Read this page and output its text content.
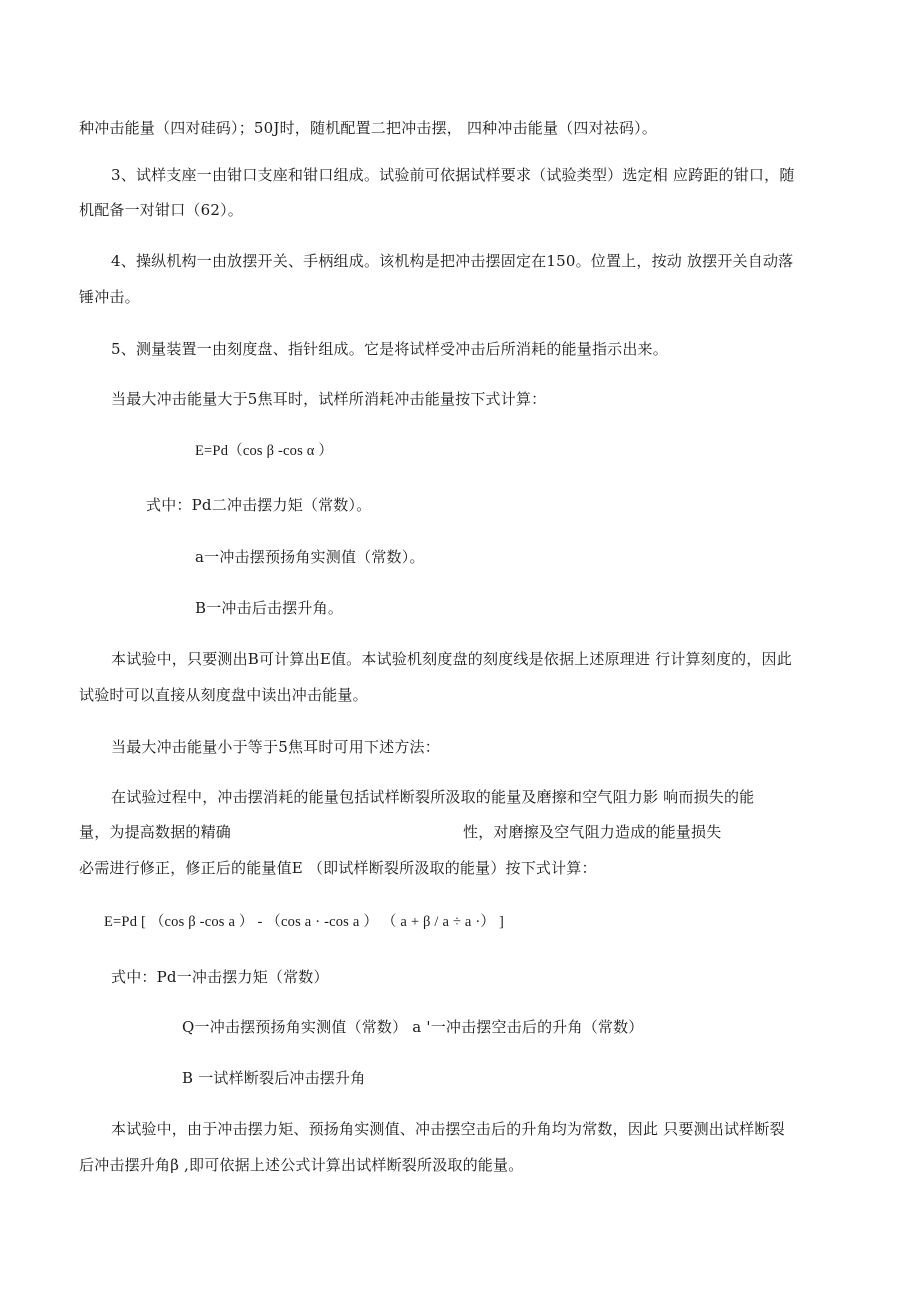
种冲击能量（四对硅码）；50J时，随机配置二把冲击摆， 四种冲击能量（四对祛码）。
3、试样支座一由钳口支座和钳口组成。试验前可依据试样要求（试验类型）选定相 应跨距的钳口，随
机配备一对钳口（62）。
4、操纵机构一由放摆开关、手柄组成。该机构是把冲击摆固定在150。位置上，按动 放摆开关自动落
锤冲击。
5、测量装置一由刻度盘、指针组成。它是将试样受冲击后所消耗的能量指示出来。
当最大冲击能量大于5焦耳时，试样所消耗冲击能量按下式计算：
E=Pd（cos β -cos α ）
式中：Pd二冲击摆力矩（常数）。
a一冲击摆预扬角实测值（常数）。
B一冲击后击摆升角。
本试验中，只要测出B可计算出E值。本试验机刻度盘的刻度线是依据上述原理进 行计算刻度的，因此
试验时可以直接从刻度盘中读出冲击能量。
当最大冲击能量小于等于5焦耳时可用下述方法：
在试验过程中，冲击摆消耗的能量包括试样断裂所汲取的能量及磨擦和空气阻力影 响而损失的能
量，为提高数据的精确	性，对磨擦及空气阻力造成的能量损失
必需进行修正，修正后的能量值E （即试样断裂所汲取的能量）按下式计算：
E=Pd [ （cos β -cos a ） - （cos a · -cos a ） （ a + β / a ÷ a ·） ]
式中：Pd一冲击摆力矩（常数）
Q一冲击摆预扬角实测值（常数） a '一冲击摆空击后的升角（常数）
B 一试样断裂后冲击摆升角
本试验中，由于冲击摆力矩、预扬角实测值、冲击摆空击后的升角均为常数，因此 只要测出试样断裂
后冲击摆升角β ,即可依据上述公式计算出试样断裂所汲取的能量。
